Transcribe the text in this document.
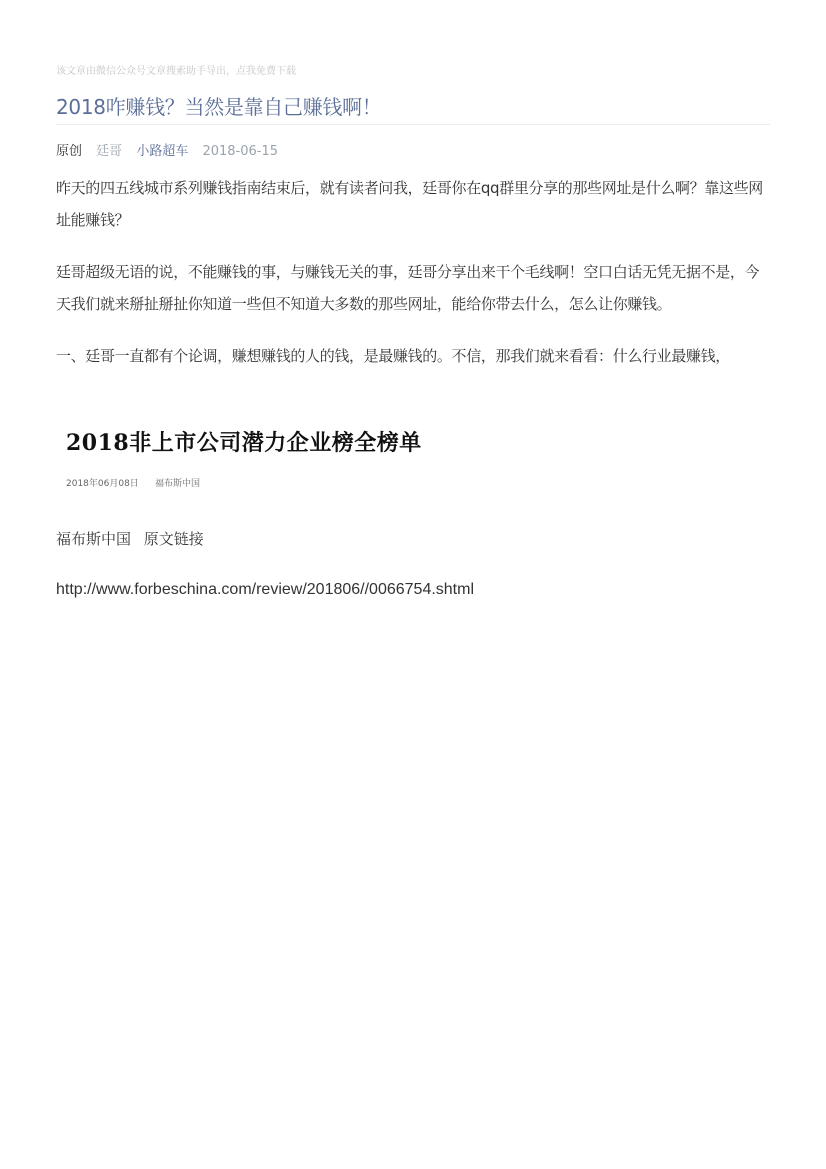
该文章由微信公众号文章搜索助手导出，点我免费下载
2018咋赚钱？当然是靠自己赚钱啊！
原创 廷哥 小路超车 2018-06-15

昨天的四五线城市系列赚钱指南结束后，就有读者问我，廷哥你在qq群里分享的那些网址是什么啊？靠这些网址能赚钱？

廷哥超级无语的说，不能赚钱的事，与赚钱无关的事，廷哥分享出来干个毛线啊！空口白话无凭无据不是，今天我们就来掰扯掰扯你知道一些但不知道大多数的那些网址，能给你带去什么，怎么让你赚钱。

一、廷哥一直都有个论调，赚想赚钱的人的钱，是最赚钱的。不信，那我们就来看看：什么行业最赚钱，

2018非上市公司潜力企业榜全榜单
2018年06月08日 福布斯中国
福布斯中国 原文链接
http://www.forbeschina.com/review/201806//0066754.shtml
